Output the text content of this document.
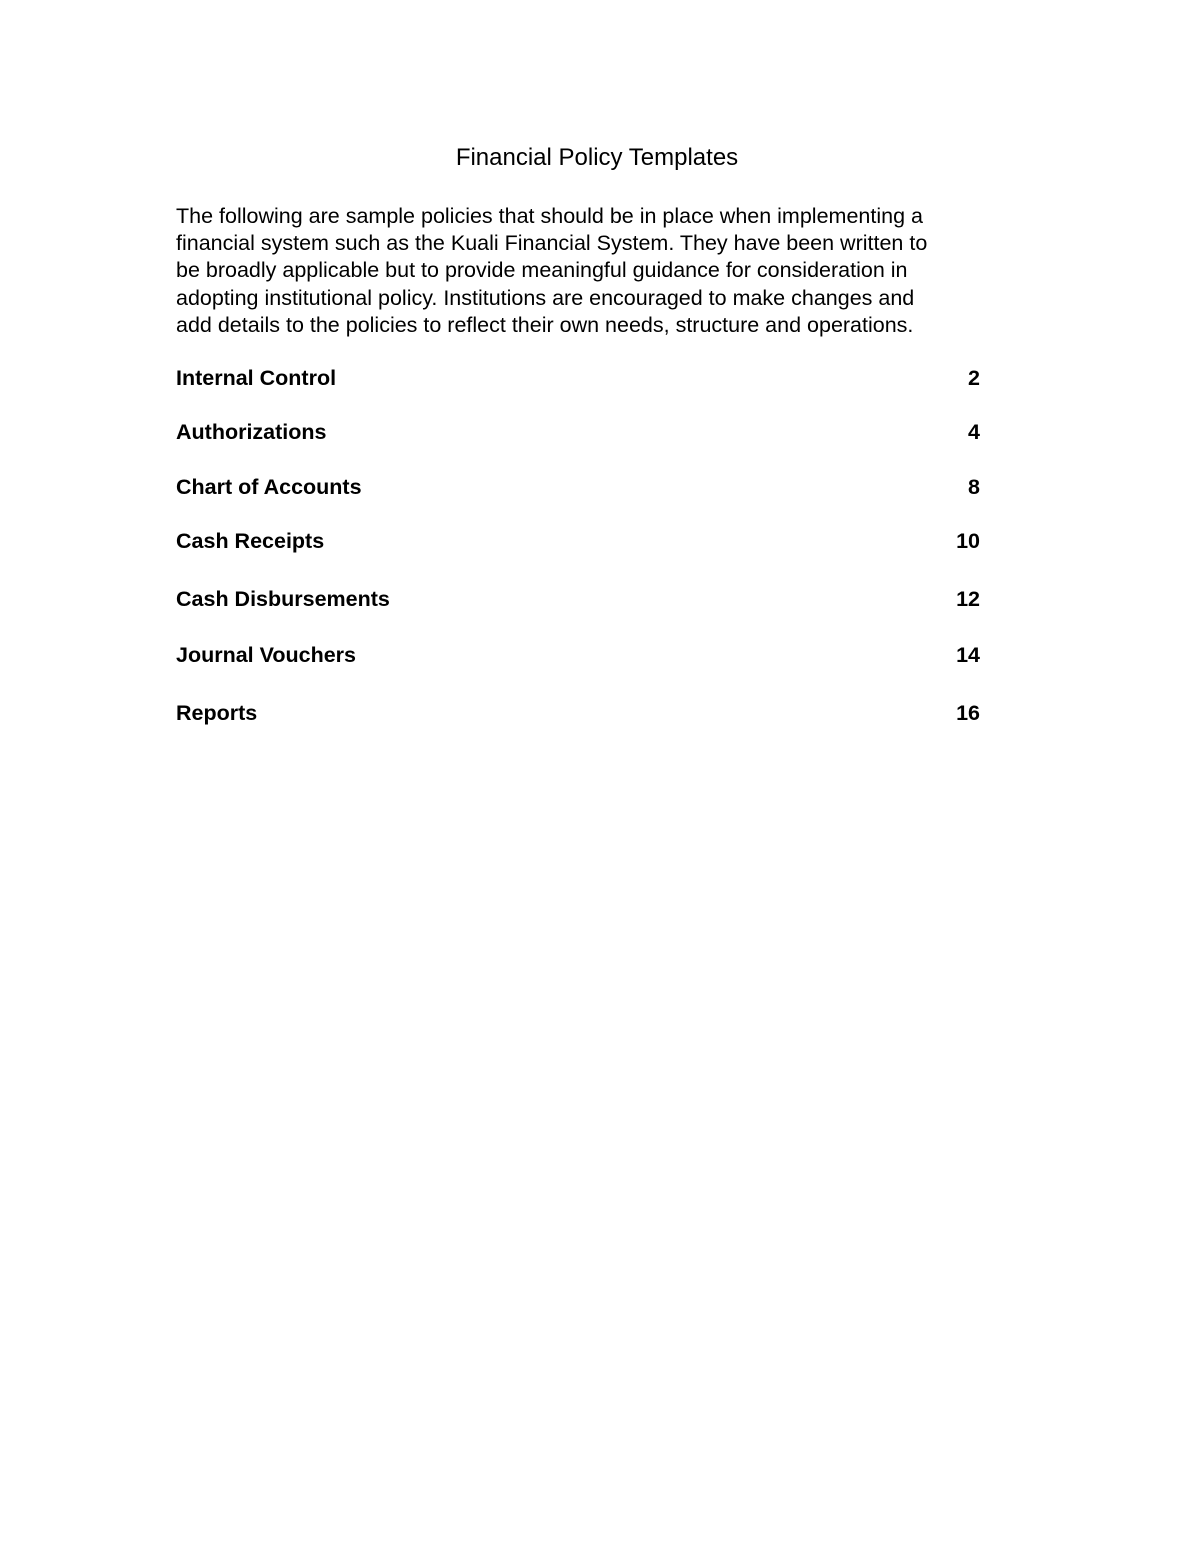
Financial Policy Templates

The following are sample policies that should be in place when implementing a
financial system such as the Kuali Financial System. They have been written to
be broadly applicable but to provide meaningful guidance for consideration in
adopting institutional policy. Institutions are encouraged to make changes and
add details to the policies to reflect their own needs, structure and operations.

Internal Control	2
Authorizations	4
Chart of Accounts	8
Cash Receipts	10
Cash Disbursements	12
Journal Vouchers	14
Reports	16
